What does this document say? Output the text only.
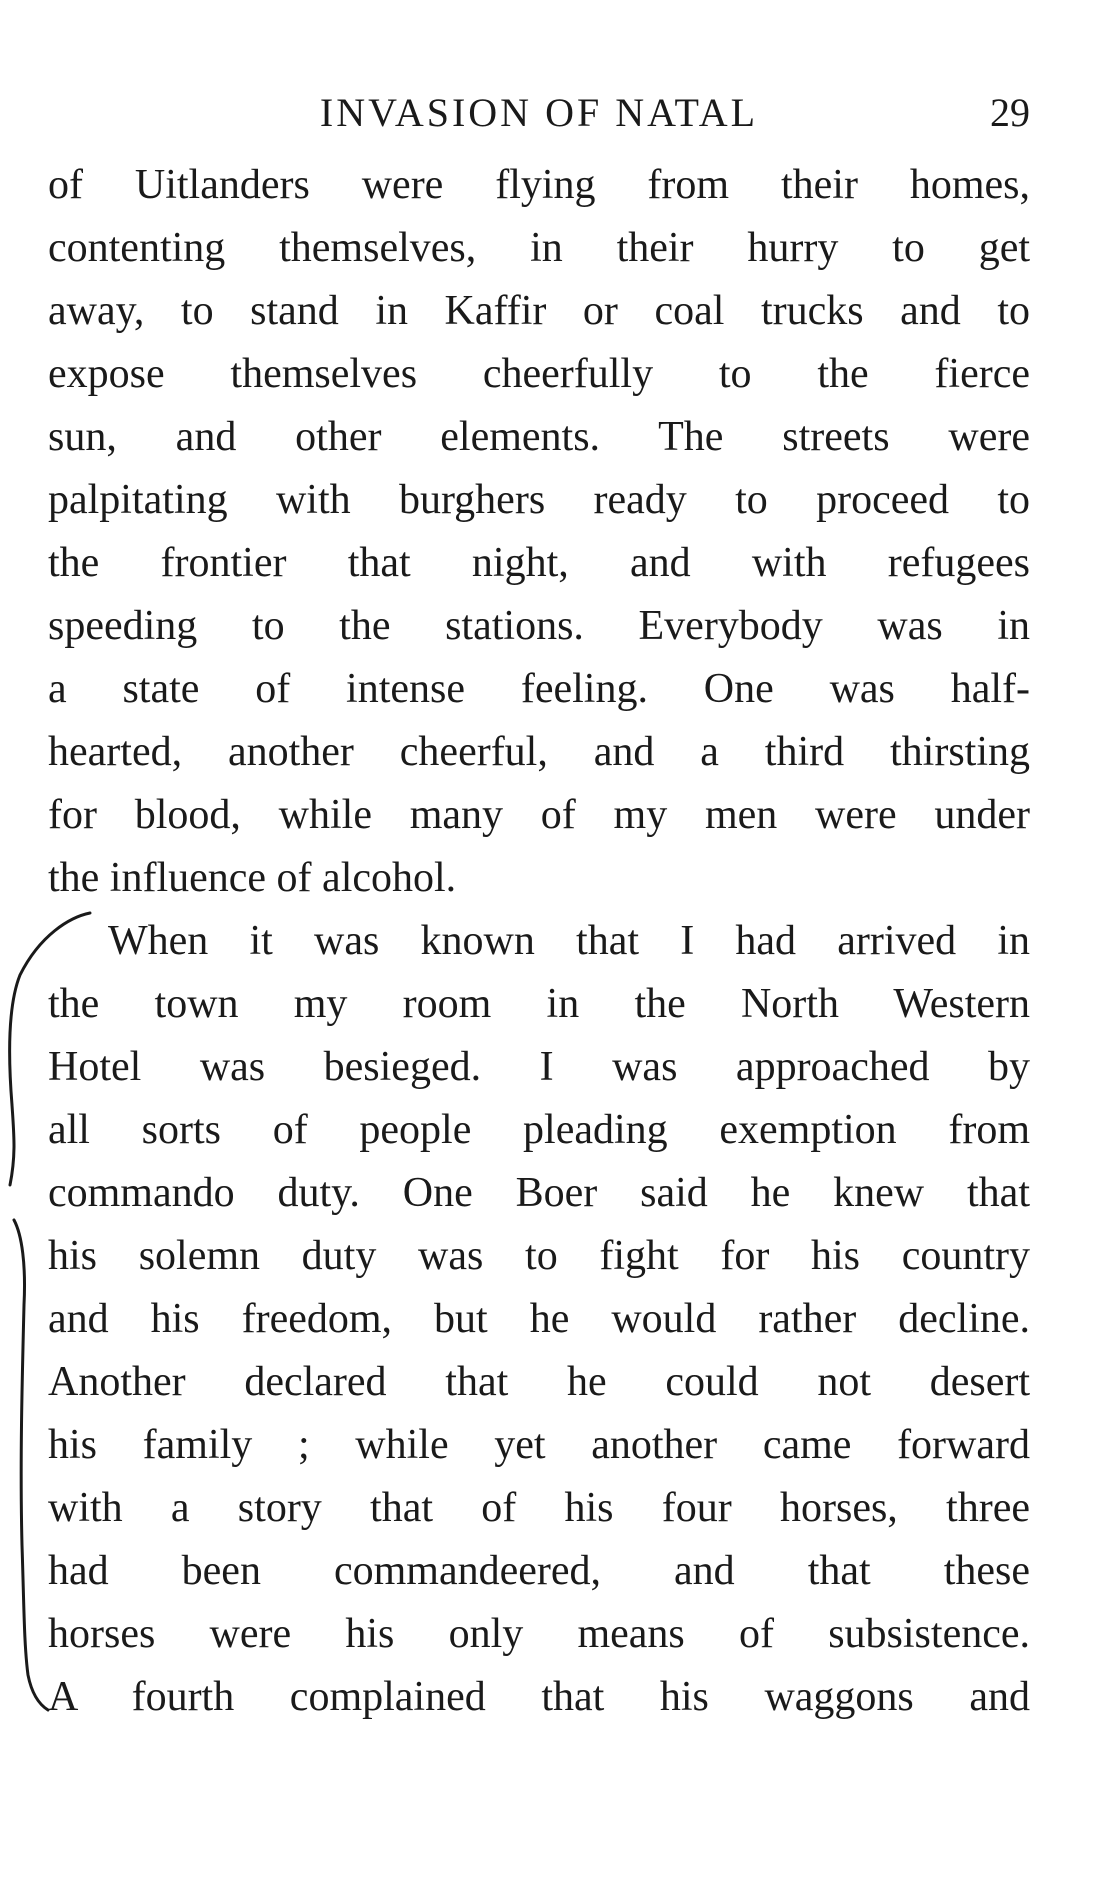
INVASION OF NATAL	29
of Uitlanders were flying from their homes,
contenting themselves, in their hurry to get
away, to stand in Kaffir or coal trucks and to
expose themselves cheerfully to the fierce
sun, and other elements. The streets were
palpitating with burghers ready to proceed to
the frontier that night, and with refugees
speeding to the stations. Everybody was in
a state of intense feeling. One was half-
hearted, another cheerful, and a third thirsting
for blood, while many of my men were under
the influence of alcohol.
When it was known that I had arrived in
the town my room in the North Western
Hotel was besieged. I was approached by
all sorts of people pleading exemption from
commando duty. One Boer said he knew that
his solemn duty was to fight for his country
and his freedom, but he would rather decline.
Another declared that he could not desert
his family ; while yet another came forward
with a story that of his four horses, three
had been commandeered, and that these
horses were his only means of subsistence.
A fourth complained that his waggons and
